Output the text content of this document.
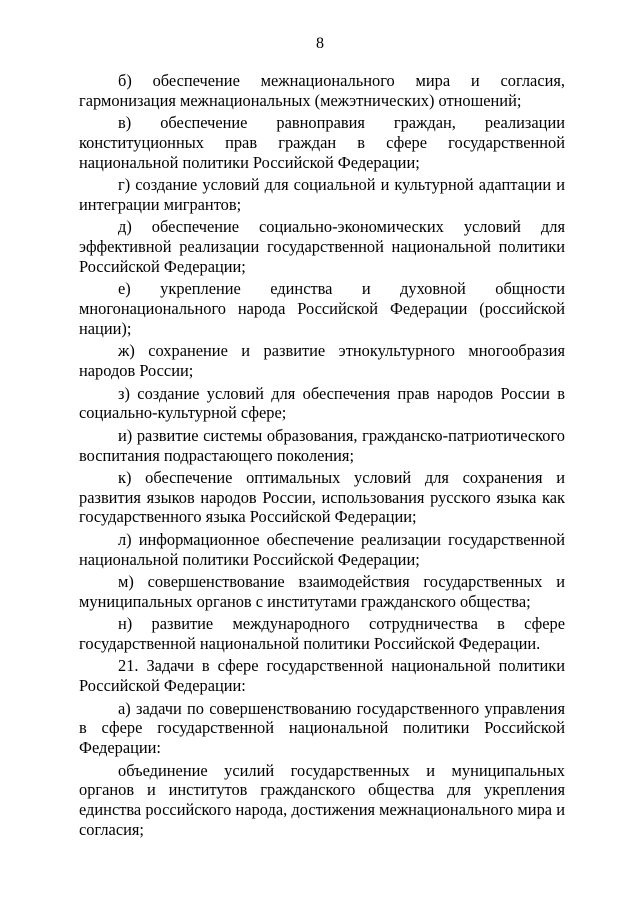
8

б) обеспечение межнационального мира и согласия, гармонизация межнациональных (межэтнических) отношений;

в) обеспечение равноправия граждан, реализации конституционных прав граждан в сфере государственной национальной политики Российской Федерации;

г) создание условий для социальной и культурной адаптации и интеграции мигрантов;

д) обеспечение социально-экономических условий для эффективной реализации государственной национальной политики Российской Федерации;

е) укрепление единства и духовной общности многонационального народа Российской Федерации (российской нации);

ж) сохранение и развитие этнокультурного многообразия народов России;

з) создание условий для обеспечения прав народов России в социально-культурной сфере;

и) развитие системы образования, гражданско-патриотического воспитания подрастающего поколения;

к) обеспечение оптимальных условий для сохранения и развития языков народов России, использования русского языка как государственного языка Российской Федерации;

л) информационное обеспечение реализации государственной национальной политики Российской Федерации;

м) совершенствование взаимодействия государственных и муниципальных органов с институтами гражданского общества;

н) развитие международного сотрудничества в сфере государственной национальной политики Российской Федерации.

21. Задачи в сфере государственной национальной политики Российской Федерации:

а) задачи по совершенствованию государственного управления в сфере государственной национальной политики Российской Федерации:

объединение усилий государственных и муниципальных органов и институтов гражданского общества для укрепления единства российского народа, достижения межнационального мира и согласия;
